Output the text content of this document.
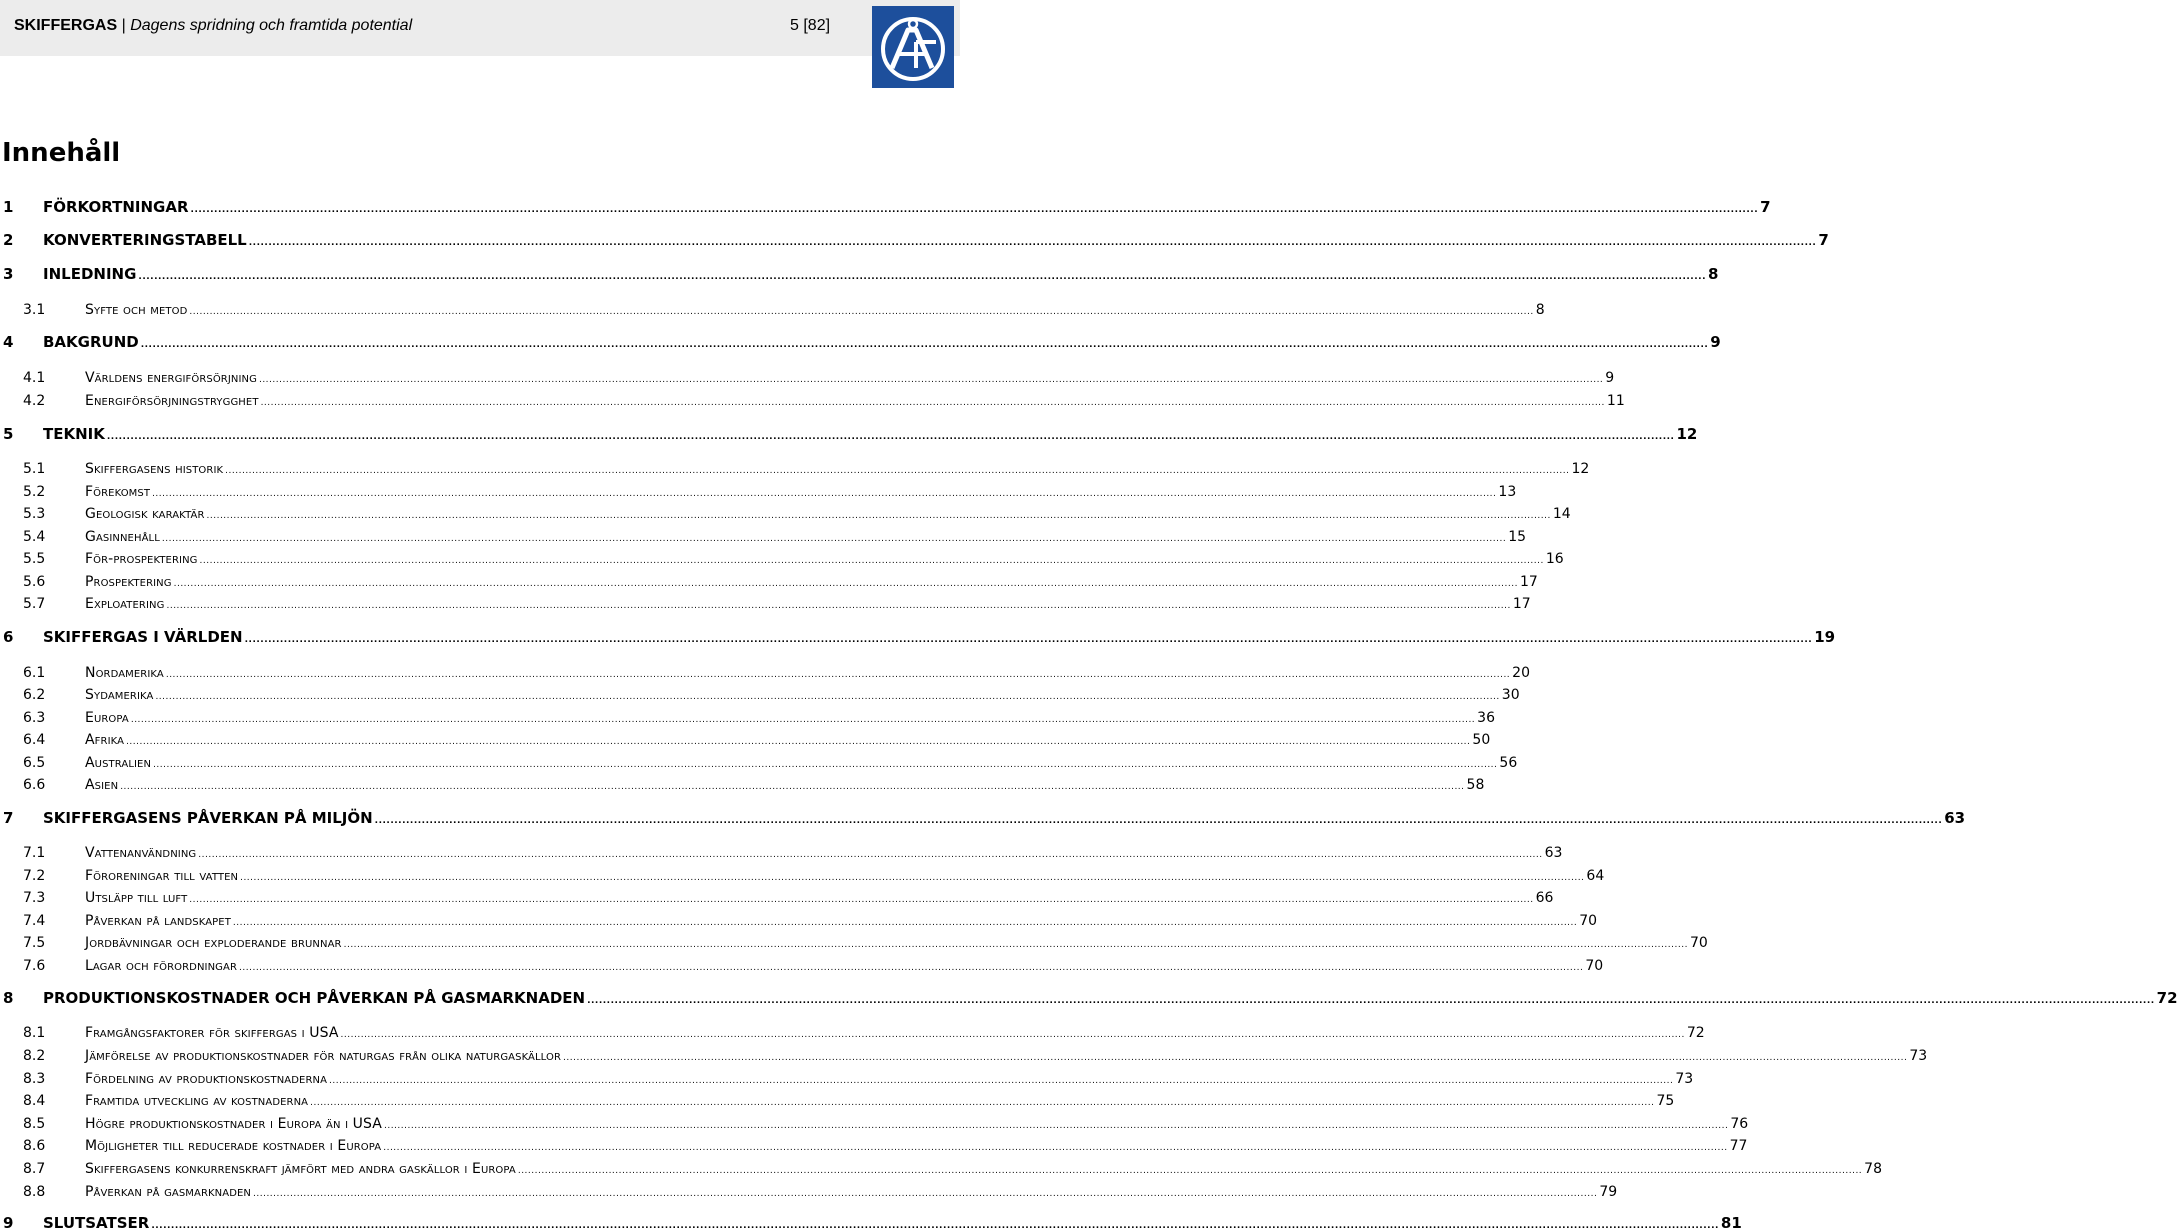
SKIFFERGAS | Dagens spridning och framtida potential	5 [82]
Innehåll
1 FÖRKORTNINGAR ................................................................................................................................................................................................................................................................................................................................................................................................................ 7
2 KONVERTERINGSTABELL ................................................................................................................................................................................................................................................................................................................................................................................................................ 7
3 INLEDNING ................................................................................................................................................................................................................................................................................................................................................................................................................ 8
3.1	Syfte och metod ................................................................................................................................................................................................................................................................................................................................................................................................................ 8
4 BAKGRUND ................................................................................................................................................................................................................................................................................................................................................................................................................ 9
4.1	Världens energiförsörjning ................................................................................................................................................................................................................................................................................................................................................................................................................ 9
4.2	Energiförsörjningstrygghet ................................................................................................................................................................................................................................................................................................................................................................................................................ 11
5 TEKNIK ................................................................................................................................................................................................................................................................................................................................................................................................................ 12
5.1	Skiffergasens historik ................................................................................................................................................................................................................................................................................................................................................................................................................ 12
5.2	Förekomst ................................................................................................................................................................................................................................................................................................................................................................................................................ 13
5.3	Geologisk karaktär ................................................................................................................................................................................................................................................................................................................................................................................................................ 14
5.4	Gasinnehåll ................................................................................................................................................................................................................................................................................................................................................................................................................ 15
5.5	För-prospektering ................................................................................................................................................................................................................................................................................................................................................................................................................ 16
5.6	Prospektering ................................................................................................................................................................................................................................................................................................................................................................................................................ 17
5.7	Exploatering ................................................................................................................................................................................................................................................................................................................................................................................................................ 17
6 SKIFFERGAS I VÄRLDEN ................................................................................................................................................................................................................................................................................................................................................................................................................ 19
6.1	Nordamerika ................................................................................................................................................................................................................................................................................................................................................................................................................ 20
6.2	Sydamerika ................................................................................................................................................................................................................................................................................................................................................................................................................ 30
6.3	Europa ................................................................................................................................................................................................................................................................................................................................................................................................................ 36
6.4	Afrika ................................................................................................................................................................................................................................................................................................................................................................................................................ 50
6.5	Australien ................................................................................................................................................................................................................................................................................................................................................................................................................ 56
6.6	Asien ................................................................................................................................................................................................................................................................................................................................................................................................................ 58
7 SKIFFERGASENS PÅVERKAN PÅ MILJÖN ................................................................................................................................................................................................................................................................................................................................................................................................................ 63
7.1	Vattenanvändning ................................................................................................................................................................................................................................................................................................................................................................................................................ 63
7.2	Föroreningar till vatten ................................................................................................................................................................................................................................................................................................................................................................................................................ 64
7.3	Utsläpp till luft ................................................................................................................................................................................................................................................................................................................................................................................................................ 66
7.4	Påverkan på landskapet ................................................................................................................................................................................................................................................................................................................................................................................................................ 70
7.5	Jordbävningar och exploderande brunnar ................................................................................................................................................................................................................................................................................................................................................................................................................ 70
7.6	Lagar och förordningar ................................................................................................................................................................................................................................................................................................................................................................................................................ 70
8 PRODUKTIONSKOSTNADER OCH PÅVERKAN PÅ GASMARKNADEN ................................................................................................................................................................................................................................................................................................................................................................................................................ 72
8.1	Framgångsfaktorer för skiffergas i USA ................................................................................................................................................................................................................................................................................................................................................................................................................ 72
8.2	Jämförelse av produktionskostnader för naturgas från olika naturgaskällor ................................................................................................................................................................................................................................................................................................................................................................................................................ 73
8.3	Fördelning av produktionskostnaderna ................................................................................................................................................................................................................................................................................................................................................................................................................ 73
8.4	Framtida utveckling av kostnaderna ................................................................................................................................................................................................................................................................................................................................................................................................................ 75
8.5	Högre produktionskostnader i Europa än i USA ................................................................................................................................................................................................................................................................................................................................................................................................................ 76
8.6	Möjligheter till reducerade kostnader i Europa ................................................................................................................................................................................................................................................................................................................................................................................................................ 77
8.7	Skiffergasens konkurrenskraft jämfört med andra gaskällor i Europa ................................................................................................................................................................................................................................................................................................................................................................................................................ 78
8.8	Påverkan på gasmarknaden ................................................................................................................................................................................................................................................................................................................................................................................................................ 79
9 SLUTSATSER ................................................................................................................................................................................................................................................................................................................................................................................................................ 81
